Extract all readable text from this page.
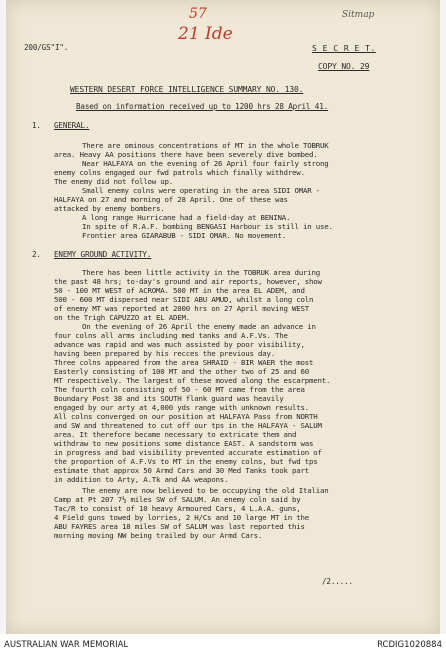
57
21 Ide
Sitmap
200/GS"I".	S E C R E T.
COPY NO. 29
WESTERN DESERT FORCE INTELLIGENCE SUMMARY NO. 130.
Based on information received up to 1200 hrs 28 April 41.
1. GENERAL.
There are ominous concentrations of MT in the whole TOBRUK
area. Heavy AA positions there have been severely dive bombed.
Near HALFAYA on the evening of 26 April four fairly strong
enemy colns engaged our fwd patrols which finally withdrew.
The enemy did not follow up.
Small enemy colns were operating in the area SIDI OMAR -
HALFAYA on 27 and morning of 28 April. One of these was
attacked by enemy bombers.
A long range Hurricane had a field-day at BENINA.
In spite of R.A.F. bombing BENGASI Harbour is still in use.
Frontier area GIARABUB - SIDI OMAR. No movement.
2. ENEMY GROUND ACTIVITY.
There has been little activity in the TOBRUK area during
the past 48 hrs; to-day's ground and air reports, however, show
50 - 100 MT WEST of ACROMA. 500 MT in the area EL ADEM, and
500 - 600 MT dispersed near SIDI ABU AMUD, whilst a long coln
of enemy MT was reported at 2000 hrs on 27 April moving WEST
on the Trigh CAPUZZO at EL ADEM.
On the evening of 26 April the enemy made an advance in
four colns all arms including med tanks and A.F.Vs. The
advance was rapid and was much assisted by poor visibility,
having been prepared by his recces the previous day.
Three colns appeared from the area SHRAID - BIR WAER the most
Easterly consisting of 100 MT and the other two of 25 and 60
MT respectively. The largest of these moved along the escarpment.
The fourth coln consisting of 50 - 60 MT came from the area
Boundary Post 38 and its SOUTH flank guard was heavily
engaged by our arty at 4,000 yds range with unknown results.
All colns converged on our position at HALFAYA Pass from NORTH
and SW and threatened to cut off our tps in the HALFAYA - SALUM
area. It therefore became necessary to extricate them and
withdraw to new positions some distance EAST. A sandstorm was
in progress and bad visibility prevented accurate estimation of
the proportion of A.F.Vs to MT in the enemy colns, but fwd tps
estimate that approx 50 Armd Cars and 30 Med Tanks took part
in addition to Arty, A.Tk and AA weapons.
The enemy are now believed to be occupying the old Italian
Camp at Pt 207 7½ miles SW of SALUM. An enemy coln said by
Tac/R to consist of 10 heavy Armoured Cars, 4 L.A.A. guns,
4 Field guns towed by lorries, 2 H/Cs and 10 large MT in the
ABU FAYRES area 18 miles SW of SALUM was last reported this
morning moving NW being trailed by our Armd Cars.
/2.....
AUSTRALIAN WAR MEMORIAL	RCDIG1020884
